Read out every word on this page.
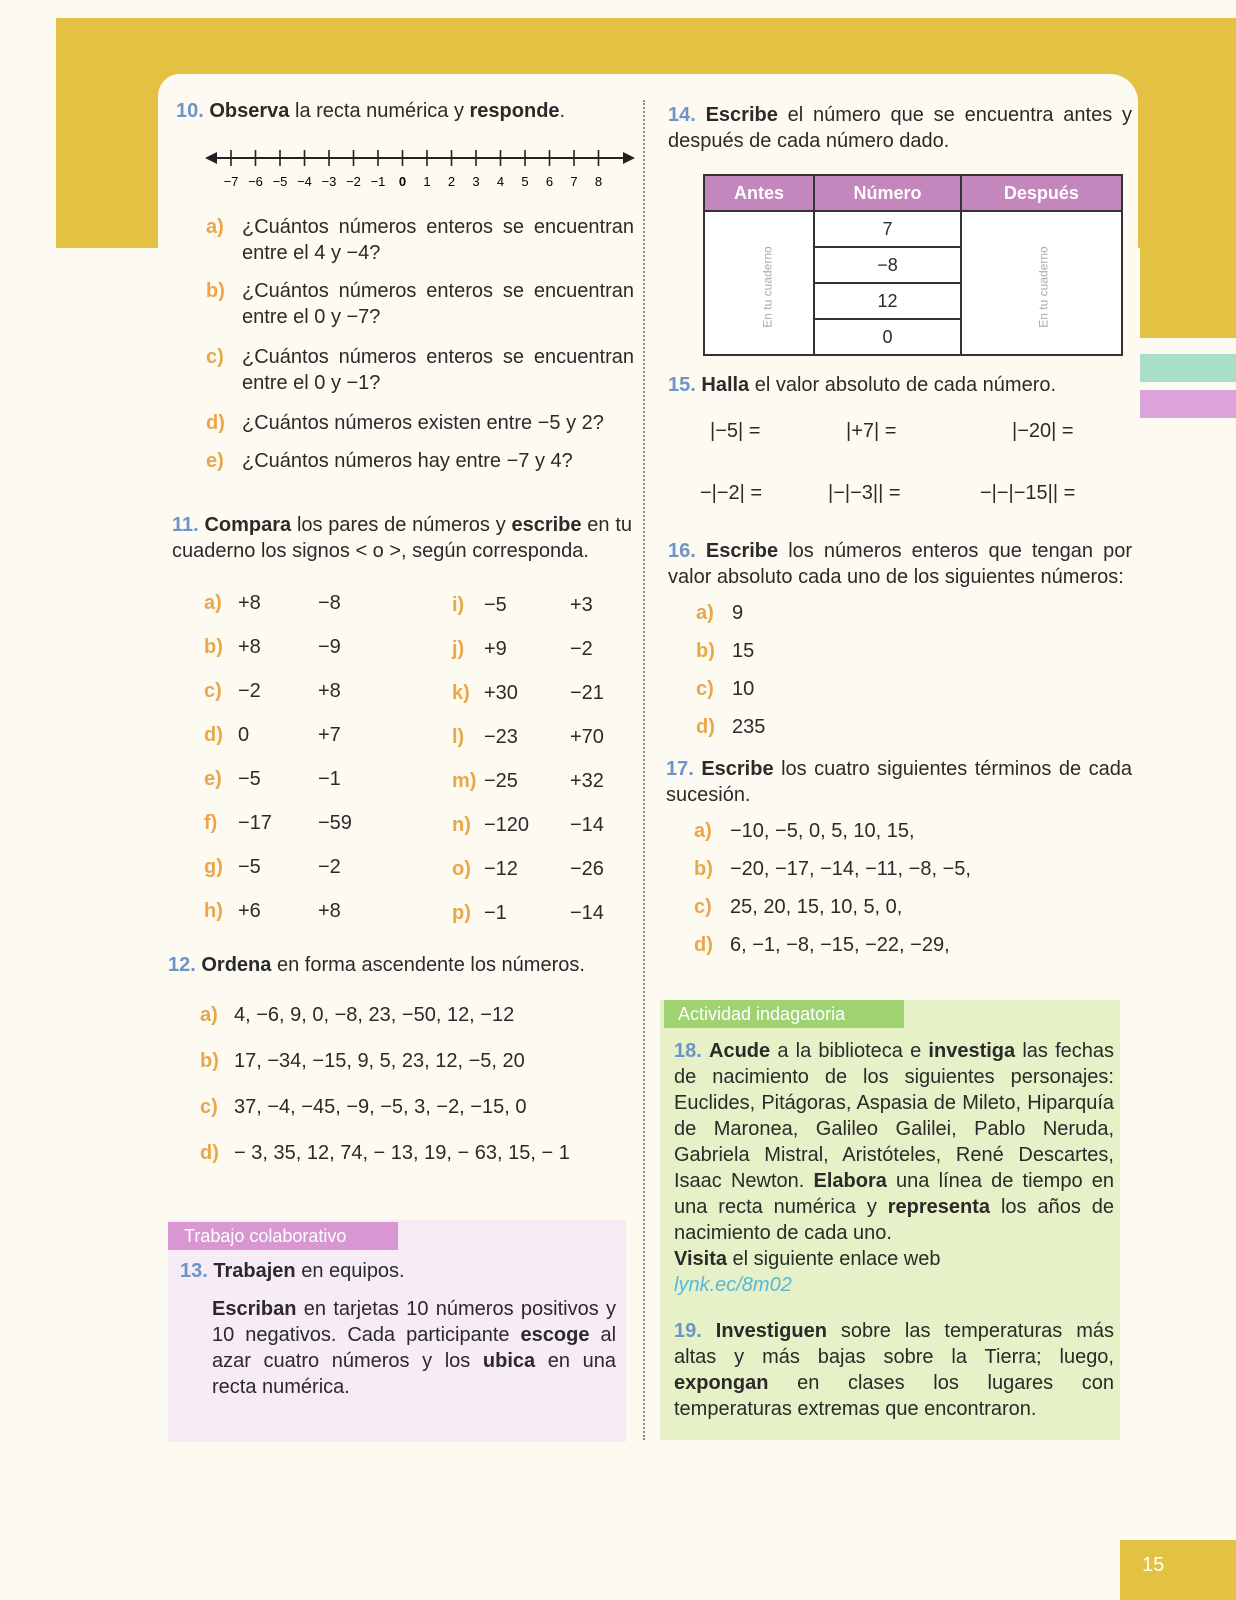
15
10. Observa la recta numérica y responde.
−7 −6 −5 −4 −3 −2 −1 0 1 2 3 4 5 6 7 8
a) ¿Cuántos números enteros se encuentran entre el 4 y −4?
b) ¿Cuántos números enteros se encuentran entre el 0 y −7?
c) ¿Cuántos números enteros se encuentran entre el 0 y −1?
d) ¿Cuántos números existen entre −5 y 2?
e) ¿Cuántos números hay entre −7 y 4?
11. Compara los pares de números y escribe en tu cuaderno los signos < o >, según corresponda.
a) +8	−8
b) +8	−9
c) −2	+8
d) 0	+7
e) −5	−1
f) −17 −59
g) −5	−2
h) +6	+8
i) −5	+3
j) +9	−2
k) +30	−21
l) −23	+70
m) −25	+32
n) −120 −14
o) −12	−26
p) −1	−14
12. Ordena en forma ascendente los números.
a) 4, −6, 9, 0, −8, 23, −50, 12, −12
b) 17, −34, −15, 9, 5, 23, 12, −5, 20
c) 37, −4, −45, −9, −5, 3, −2, −15, 0
d) − 3, 35, 12, 74, − 13, 19, − 63, 15, − 1
Trabajo colaborativo
13. Trabajen en equipos.
Escriban en tarjetas 10 números positivos y 10 negativos. Cada participante escoge al azar cuatro números y los ubica en una recta numérica.
14. Escribe el número que se encuentra antes y después de cada número dado.
Antes	Número	Después
	7	
	−8	
	12	
	0	
En tu cuaderno	En tu cuaderno
15. Halla el valor absoluto de cada número.
|−5| =	|+7| =	|−20| =
−|−2| =	|−|−3|| =	−|−|−15|| =
16. Escribe los números enteros que tengan por valor absoluto cada uno de los siguientes números:
a) 9
b) 15
c) 10
d) 235
17. Escribe los cuatro siguientes términos de cada sucesión.
a) −10, −5, 0, 5, 10, 15,
b) −20, −17, −14, −11, −8, −5,
c) 25, 20, 15, 10, 5, 0,
d) 6, −1, −8, −15, −22, −29,
Actividad indagatoria
18. Acude a la biblioteca e investiga las fechas de nacimiento de los siguientes personajes: Euclides, Pitágoras, Aspasia de Mileto, Hiparquía de Maronea, Galileo Galilei, Pablo Neruda, Gabriela Mistral, Aristóteles, René Descartes, Isaac Newton. Elabora una línea de tiempo en una recta numérica y representa los años de nacimiento de cada uno.
Visita el siguiente enlace web
lynk.ec/8m02
19. Investiguen sobre las temperaturas más altas y más bajas sobre la Tierra; luego, expongan en clases los lugares con temperaturas extremas que encontraron.
